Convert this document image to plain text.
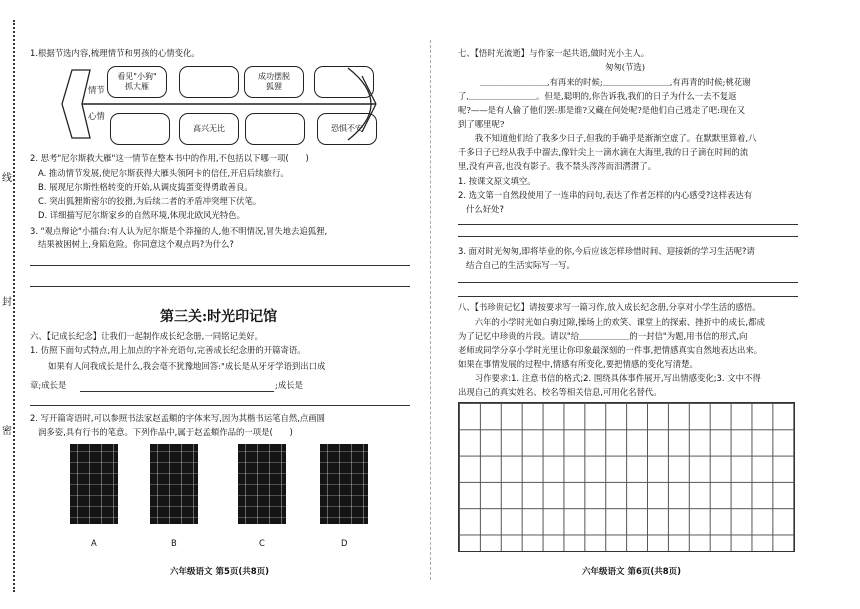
线
封
密
1.根据节选内容,梳理情节和男孩的心情变化。
情节
心情
看见"小狗"
抓大雁
成功摆脱
狐狸
高兴无比	恐惧不安
2. 思考"尼尔斯救大雁"这一情节在整本书中的作用,不包括以下哪一项(　　)
A. 推动情节发展,使尼尔斯获得大雁头领阿卡的信任,开启后续旅行。
B. 展现尼尔斯性格转变的开始,从调皮捣蛋变得勇敢善良。
C. 突出狐狸斯密尔的狡猾,为后续二者的矛盾冲突埋下伏笔。
D. 详细描写尼尔斯家乡的自然环境,体现北欧风光特色。
3. "观点辩论"小擂台:有人认为尼尔斯是个莽撞的人,他不明情况,冒失地去追狐狸,
结果被困树上,身陷危险。你同意这个观点吗?为什么?
第三关:时光印记馆
六、【记成长纪念】让我们一起制作成长纪念册,一同铭记美好。
1. 仿照下面句式特点,用上加点的字补充语句,完善成长纪念册的开篇寄语。
如果有人问我成长是什么,我会毫不犹豫地回答:"成长是从牙牙学语到出口成
章;成长是	;成长是
2. 写开篇寄语时,可以参照书法家赵孟頫的字体来写,因为其楷书运笔自然,点画圆
润多姿,具有行书的笔意。下列作品中,属于赵孟頫作品的一项是(　　)
A	B	C	D
六年级语文 第5页(共8页)
七、【悟时光流逝】与作家一起共语,做时光小主人。
匆匆(节选)
＿＿＿＿＿＿＿＿,有再来的时候;＿＿＿＿＿＿＿＿,有再青的时候;桃花谢
了,＿＿＿＿＿＿＿＿。但是,聪明的,你告诉我,我们的日子为什么一去不复返
呢?——是有人偷了他们罢:那是谁?又藏在何处呢?是他们自己逃走了吧:现在又
到了哪里呢?
　　我不知道他们给了我多少日子,但我的手确乎是渐渐空虚了。在默默里算着,八
千多日子已经从我手中溜去,像针尖上一滴水滴在大海里,我的日子滴在时间的流
里,没有声音,也没有影子。我不禁头涔涔而泪潸潸了。
1. 按课文原文填空。
2. 选文第一自然段使用了一连串的问句,表达了作者怎样的内心感受?这样表达有
什么好处?
3. 面对时光匆匆,即将毕业的你,今后应该怎样珍惜时间、迎接新的学习生活呢?请
结合自己的生活实际写一写。
八、【书珍贵记忆】请按要求写一篇习作,放入成长纪念册,分享对小学生活的感悟。
　　六年的小学时光如白驹过隙,操场上的欢笑、课堂上的探索、挫折中的成长,都成
为了记忆中珍贵的片段。请以"给＿＿＿＿＿＿的一封信"为题,用书信的形式,向
老师或同学分享小学时光里让你印象最深刻的一件事,把情感真实自然地表达出来。
如果在事情发展的过程中,情感有所变化,要把情感的变化写清楚。
　　习作要求:1. 注意书信的格式;2. 围绕具体事件展开,写出情感变化;3. 文中不得
出现自己的真实姓名、校名等相关信息,可用化名替代。
六年级语文 第6页(共8页)
